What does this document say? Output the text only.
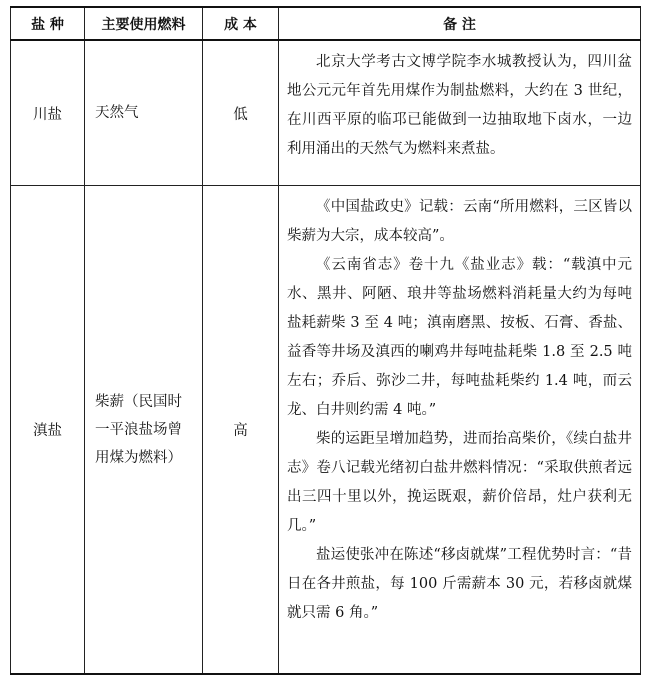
盐 种	主要使用燃料	成 本	备 注
川盐	天然气	低	北京大学考古文博学院李水城教授认为，四川盆地公元元年首先用煤作为制盐燃料，大约在 3 世纪，在川西平原的临邛已能做到一边抽取地下卤水，一边利用涌出的天然气为燃料来煮盐。

滇盐	柴薪（民国时一平浪盐场曾用煤为燃料）	高	《中国盐政史》记载：云南“所用燃料，三区皆以柴薪为大宗，成本较高”。

《云南省志》卷十九《盐业志》载：“载滇中元水、黑井、阿陋、琅井等盐场燃料消耗量大约为每吨盐耗薪柴 3 至 4 吨；滇南磨黑、按板、石膏、香盐、益香等井场及滇西的喇鸡井每吨盐耗柴 1.8 至 2.5 吨左右；乔后、弥沙二井，每吨盐耗柴约 1.4 吨，而云龙、白井则约需 4 吨。”

柴的运距呈增加趋势，进而抬高柴价，《续白盐井志》卷八记载光绪初白盐井燃料情况：“采取供煎者远出三四十里以外，挽运既艰，薪价倍昂，灶户获利无几。”

盐运使张冲在陈述“移卤就煤”工程优势时言：“昔日在各井煎盐，每 100 斤需薪本 30 元，若移卤就煤就只需 6 角。”
